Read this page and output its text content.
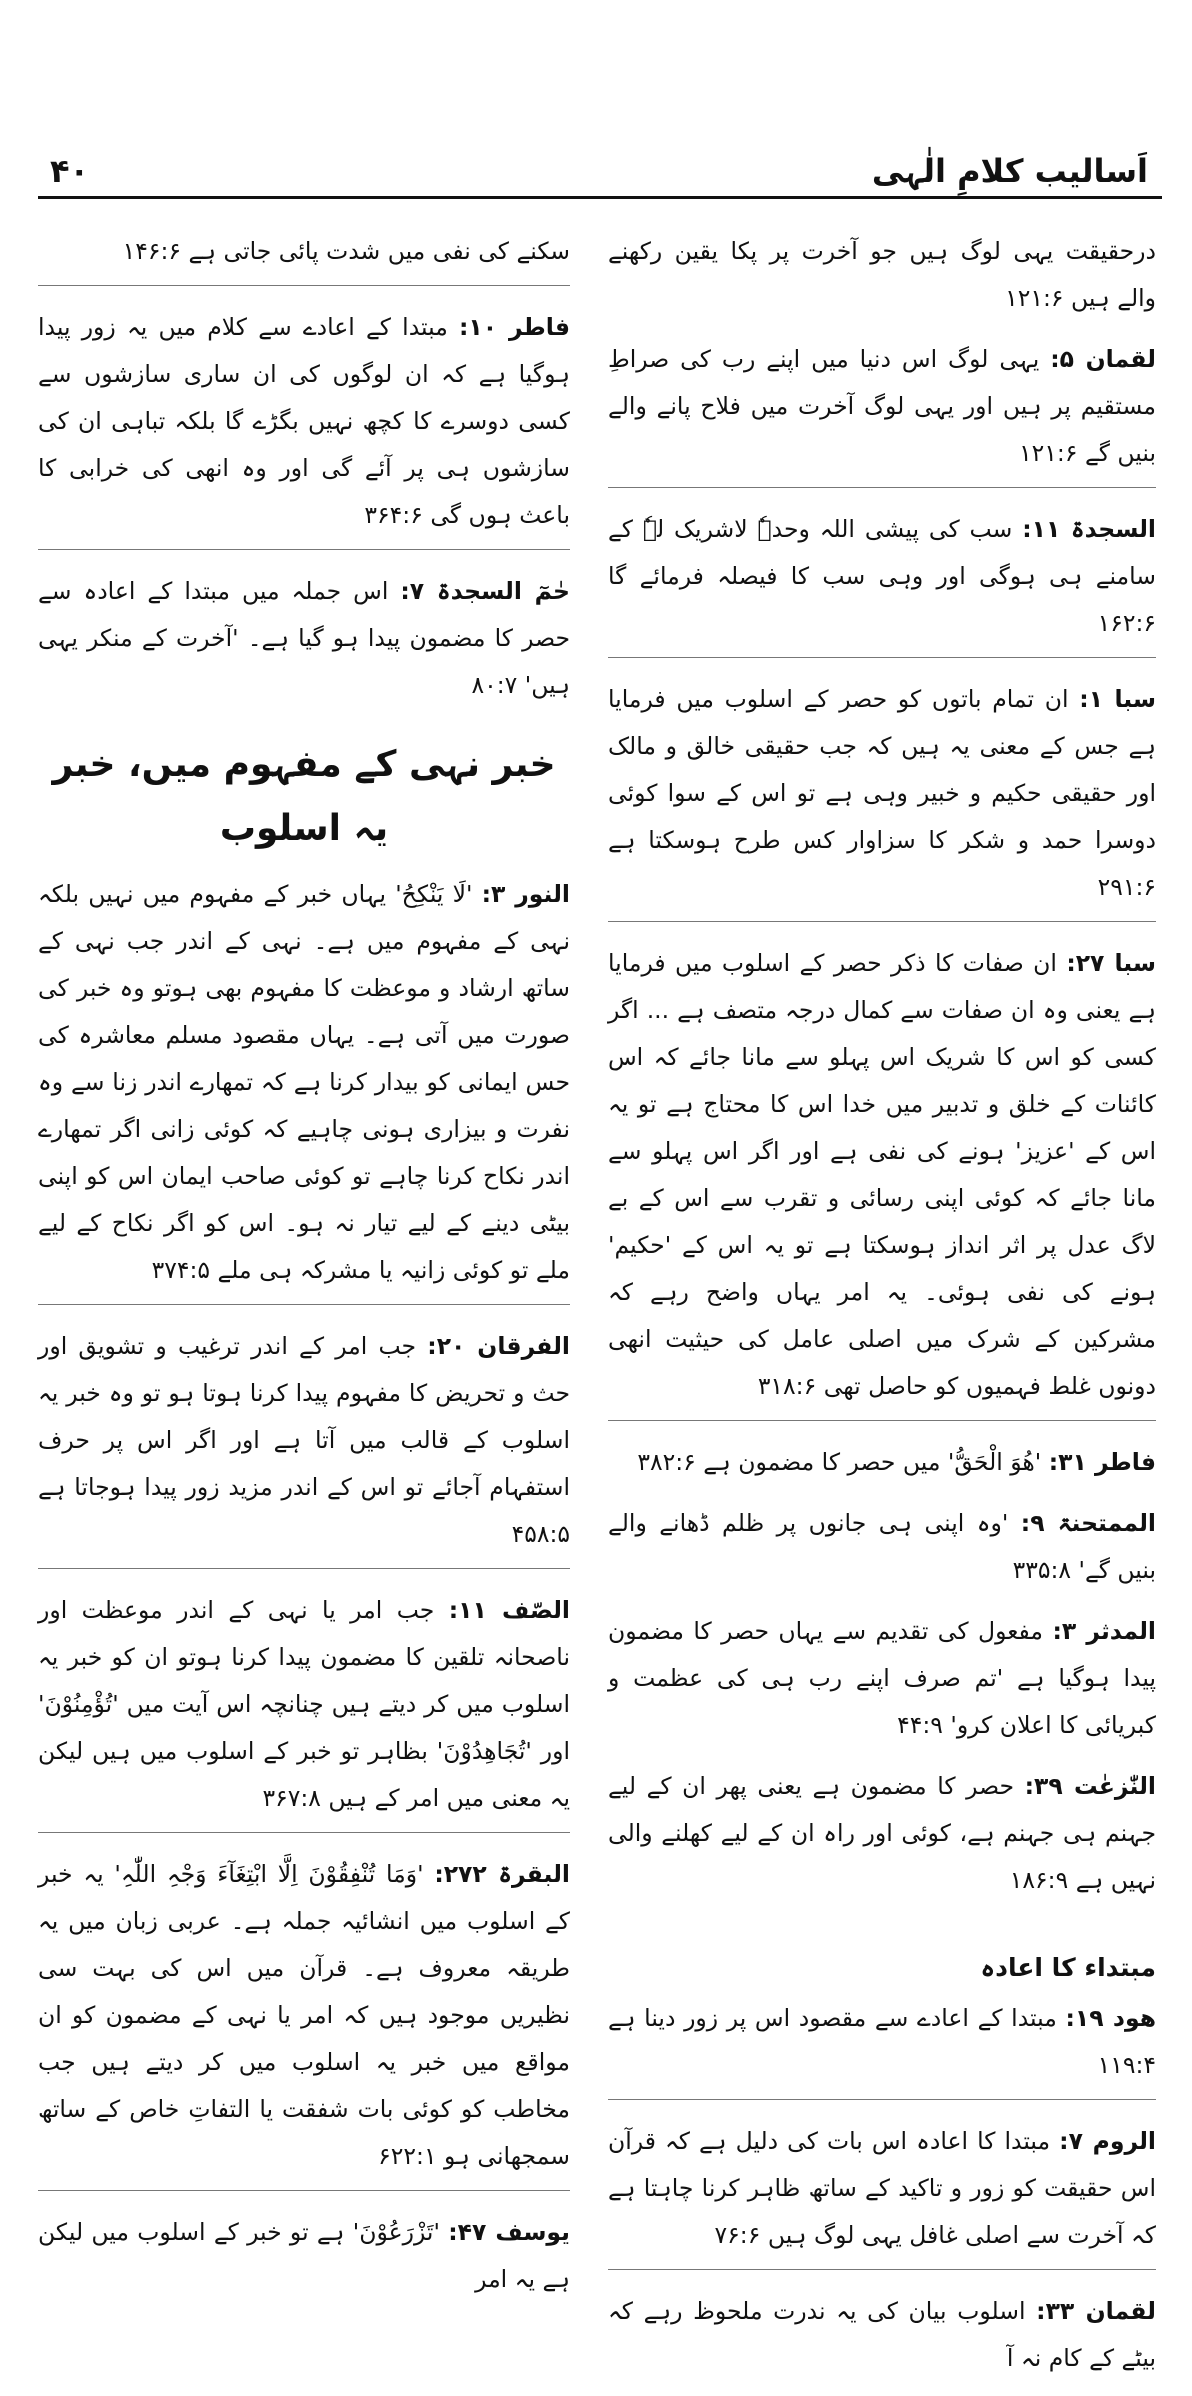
۴۰	اَسالیب کلامِ الٰہی

درحقیقت یہی لوگ ہیں جو آخرت پر پکا یقین رکھنے والے ہیں ۱۲۱:۶

لقمان ۵: یہی لوگ اس دنیا میں اپنے رب کی صراطِ مستقیم پر ہیں اور یہی لوگ آخرت میں فلاح پانے والے بنیں گے ۱۲۱:۶

السجدۃ ۱۱: سب کی پیشی اللہ وحدہٗ لاشریک لہٗ کے سامنے ہی ہوگی اور وہی سب کا فیصلہ فرمائے گا ۱۶۲:۶

سبا ۱: ان تمام باتوں کو حصر کے اسلوب میں فرمایا ہے جس کے معنی یہ ہیں کہ جب حقیقی خالق و مالک اور حقیقی حکیم و خبیر وہی ہے تو اس کے سوا کوئی دوسرا حمد و شکر کا سزاوار کس طرح ہوسکتا ہے ۲۹۱:۶

سبا ۲۷: ان صفات کا ذکر حصر کے اسلوب میں فرمایا ہے یعنی وہ ان صفات سے کمال درجہ متصف ہے ... اگر کسی کو اس کا شریک اس پہلو سے مانا جائے کہ اس کائنات کے خلق و تدبیر میں خدا اس کا محتاج ہے تو یہ اس کے 'عزیز' ہونے کی نفی ہے اور اگر اس پہلو سے مانا جائے کہ کوئی اپنی رسائی و تقرب سے اس کے بے لاگ عدل پر اثر انداز ہوسکتا ہے تو یہ اس کے 'حکیم' ہونے کی نفی ہوئی۔ یہ امر یہاں واضح رہے کہ مشرکین کے شرک میں اصلی عامل کی حیثیت انھی دونوں غلط فہمیوں کو حاصل تھی ۳۱۸:۶

فاطر ۳۱: 'ھُوَ الْحَقُّ' میں حصر کا مضمون ہے ۳۸۲:۶

الممتحنۃ ۹: 'وہ اپنی ہی جانوں پر ظلم ڈھانے والے بنیں گے' ۳۳۵:۸

المدثر ۳: مفعول کی تقدیم سے یہاں حصر کا مضمون پیدا ہوگیا ہے 'تم صرف اپنے رب ہی کی عظمت و کبریائی کا اعلان کرو' ۴۴:۹

النّٰزعٰت ۳۹: حصر کا مضمون ہے یعنی پھر ان کے لیے جہنم ہی جہنم ہے، کوئی اور راہ ان کے لیے کھلنے والی نہیں ہے ۱۸۶:۹

مبتداء کا اعادہ

ھود ۱۹: مبتدا کے اعادے سے مقصود اس پر زور دینا ہے ۱۱۹:۴

الروم ۷: مبتدا کا اعادہ اس بات کی دلیل ہے کہ قرآن اس حقیقت کو زور و تاکید کے ساتھ ظاہر کرنا چاہتا ہے کہ آخرت سے اصلی غافل یہی لوگ ہیں ۷۶:۶

لقمان ۳۳: اسلوب بیان کی یہ ندرت ملحوظ رہے کہ بیٹے کے کام نہ آ

سکنے کی نفی میں شدت پائی جاتی ہے ۱۴۶:۶

فاطر ۱۰: مبتدا کے اعادے سے کلام میں یہ زور پیدا ہوگیا ہے کہ ان لوگوں کی ان ساری سازشوں سے کسی دوسرے کا کچھ نہیں بگڑے گا بلکہ تباہی ان کی سازشوں ہی پر آئے گی اور وہ انھی کی خرابی کا باعث ہوں گی ۳۶۴:۶

حٰمٓ السجدۃ ۷: اس جملہ میں مبتدا کے اعادہ سے حصر کا مضمون پیدا ہو گیا ہے۔ 'آخرت کے منکر یہی ہیں' ۸۰:۷

خبر نہی کے مفہوم میں، خبر یہ اسلوب

النور ۳: 'لَا یَنْکِحُ' یہاں خبر کے مفہوم میں نہیں بلکہ نہی کے مفہوم میں ہے۔ نہی کے اندر جب نہی کے ساتھ ارشاد و موعظت کا مفہوم بھی ہوتو وہ خبر کی صورت میں آتی ہے۔ یہاں مقصود مسلم معاشرہ کی حس ایمانی کو بیدار کرنا ہے کہ تمھارے اندر زنا سے وہ نفرت و بیزاری ہونی چاہیے کہ کوئی زانی اگر تمھارے اندر نکاح کرنا چاہے تو کوئی صاحب ایمان اس کو اپنی بیٹی دینے کے لیے تیار نہ ہو۔ اس کو اگر نکاح کے لیے ملے تو کوئی زانیہ یا مشرکہ ہی ملے ۳۷۴:۵

الفرقان ۲۰: جب امر کے اندر ترغیب و تشویق اور حث و تحریض کا مفہوم پیدا کرنا ہوتا ہو تو وہ خبر یہ اسلوب کے قالب میں آتا ہے اور اگر اس پر حرف استفہام آجائے تو اس کے اندر مزید زور پیدا ہوجاتا ہے ۴۵۸:۵

الصّف ۱۱: جب امر یا نہی کے اندر موعظت اور ناصحانہ تلقین کا مضمون پیدا کرنا ہوتو ان کو خبر یہ اسلوب میں کر دیتے ہیں چنانچہ اس آیت میں 'تُؤْمِنُوْنَ' اور 'تُجَاھِدُوْنَ' بظاہر تو خبر کے اسلوب میں ہیں لیکن یہ معنی میں امر کے ہیں ۳۶۷:۸

البقرۃ ۲۷۲: 'وَمَا تُنْفِقُوْنَ اِلَّا ابْتِغَآءَ وَجْہِ اللّٰہِ' یہ خبر کے اسلوب میں انشائیہ جملہ ہے۔ عربی زبان میں یہ طریقہ معروف ہے۔ قرآن میں اس کی بہت سی نظیریں موجود ہیں کہ امر یا نہی کے مضمون کو ان مواقع میں خبر یہ اسلوب میں کر دیتے ہیں جب مخاطب کو کوئی بات شفقت یا التفاتِ خاص کے ساتھ سمجھانی ہو ۶۲۲:۱

یوسف ۴۷: 'تَزْرَعُوْنَ' ہے تو خبر کے اسلوب میں لیکن ہے یہ امر
